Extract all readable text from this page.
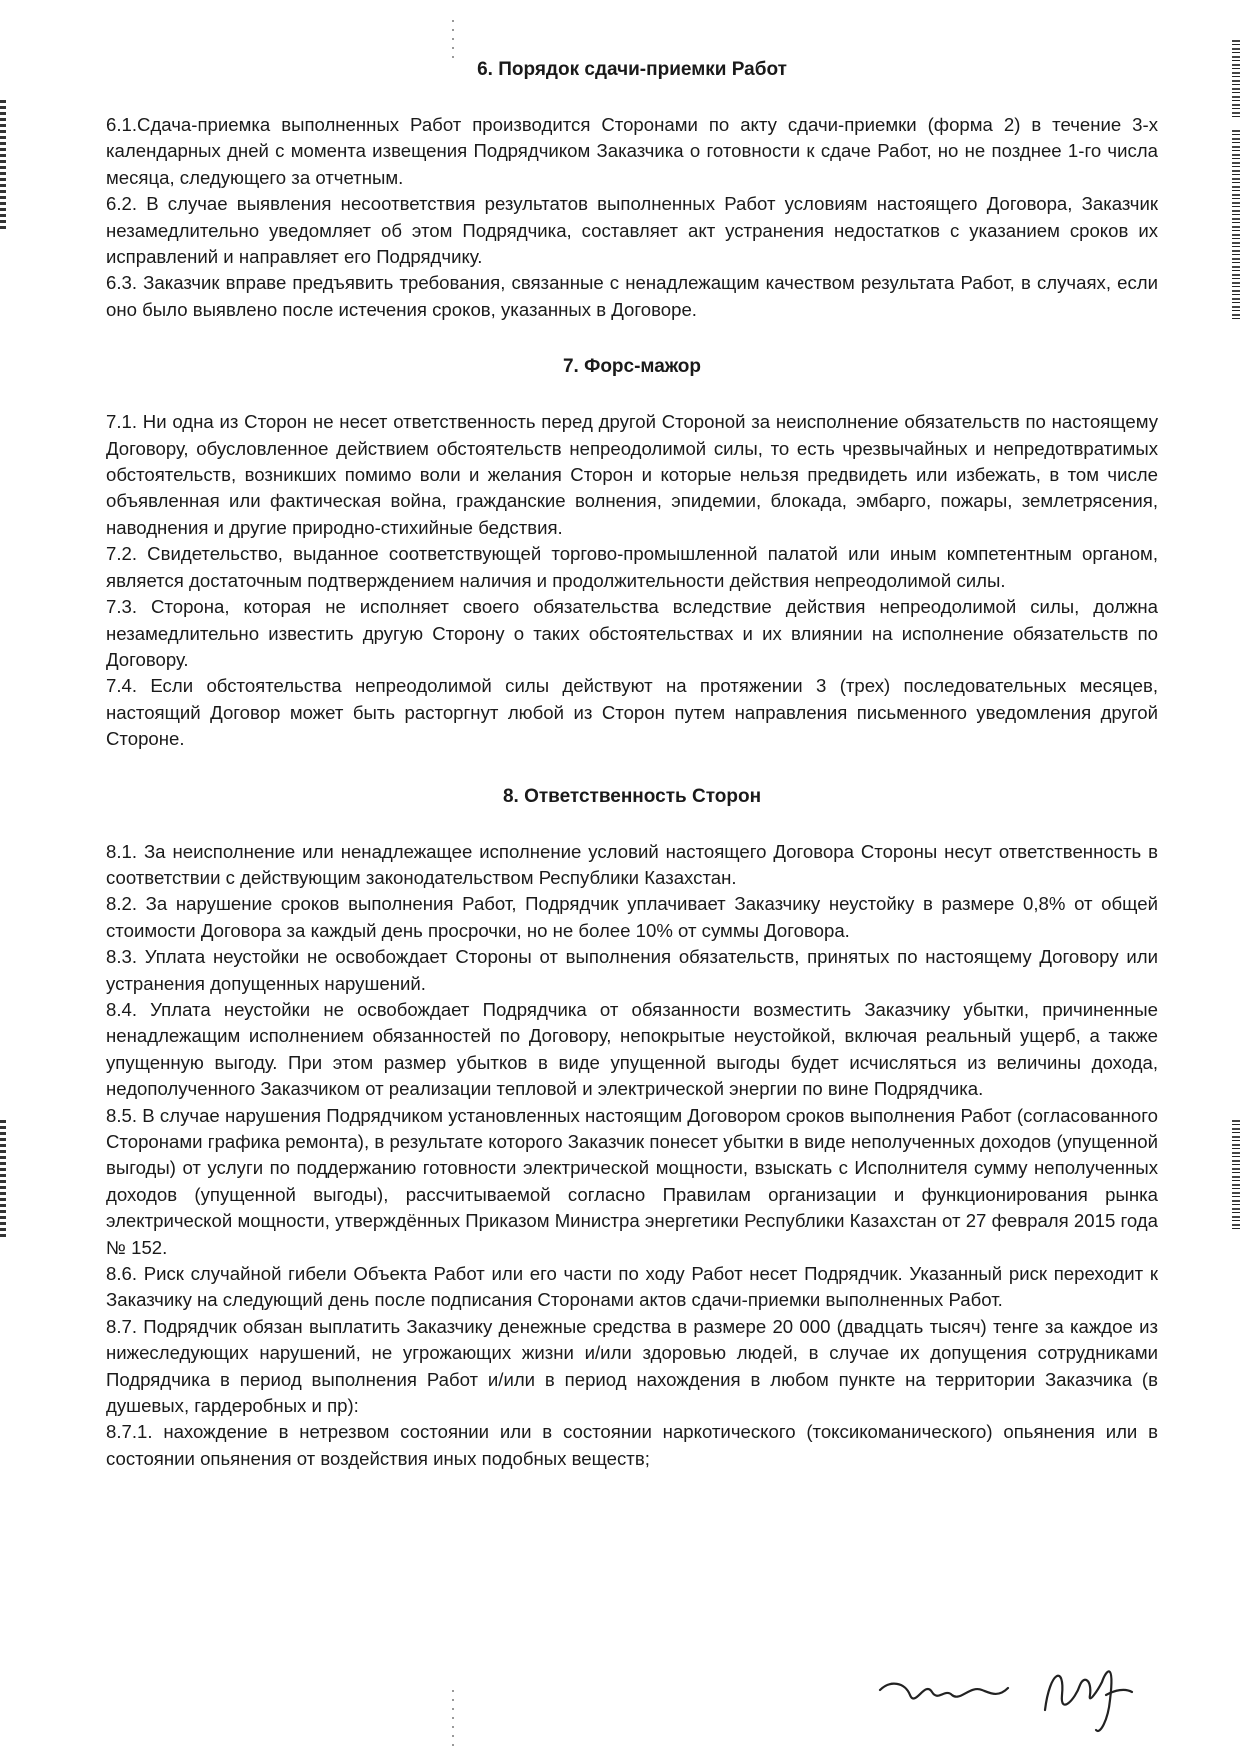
6. Порядок сдачи-приемки Работ

6.1.Сдача-приемка выполненных Работ производится Сторонами по акту сдачи-приемки (форма 2) в течение 3-х календарных дней с момента извещения Подрядчиком Заказчика о готовности к сдаче Работ, но не позднее 1-го числа месяца, следующего за отчетным.

6.2. В случае выявления несоответствия результатов выполненных Работ условиям настоящего Договора, Заказчик незамедлительно уведомляет об этом Подрядчика, составляет акт устранения недостатков с указанием сроков их исправлений и направляет его Подрядчику.

6.3. Заказчик вправе предъявить требования, связанные с ненадлежащим качеством результата Работ, в случаях, если оно было выявлено после истечения сроков, указанных в Договоре.

7. Форс-мажор

7.1. Ни одна из Сторон не несет ответственность перед другой Стороной за неисполнение обязательств по настоящему Договору, обусловленное действием обстоятельств непреодолимой силы, то есть чрезвычайных и непредотвратимых обстоятельств, возникших помимо воли и желания Сторон и которые нельзя предвидеть или избежать, в том числе объявленная или фактическая война, гражданские волнения, эпидемии, блокада, эмбарго, пожары, землетрясения, наводнения и другие природно-стихийные бедствия.

7.2. Свидетельство, выданное соответствующей торгово-промышленной палатой или иным компетентным органом, является достаточным подтверждением наличия и продолжительности действия непреодолимой силы.

7.3. Сторона, которая не исполняет своего обязательства вследствие действия непреодолимой силы, должна незамедлительно известить другую Сторону о таких обстоятельствах и их влиянии на исполнение обязательств по Договору.

7.4. Если обстоятельства непреодолимой силы действуют на протяжении 3 (трех) последовательных месяцев, настоящий Договор может быть расторгнут любой из Сторон путем направления письменного уведомления другой Стороне.

8. Ответственность Сторон

8.1. За неисполнение или ненадлежащее исполнение условий настоящего Договора Стороны несут ответственность в соответствии с действующим законодательством Республики Казахстан.

8.2. За нарушение сроков выполнения Работ, Подрядчик уплачивает Заказчику неустойку в размере 0,8% от общей стоимости Договора за каждый день просрочки, но не более 10% от суммы Договора.

8.3. Уплата неустойки не освобождает Стороны от выполнения обязательств, принятых по настоящему Договору или устранения допущенных нарушений.

8.4. Уплата неустойки не освобождает Подрядчика от обязанности возместить Заказчику убытки, причиненные ненадлежащим исполнением обязанностей по Договору, непокрытые неустойкой, включая реальный ущерб, а также упущенную выгоду. При этом размер убытков в виде упущенной выгоды будет исчисляться из величины дохода, недополученного Заказчиком от реализации тепловой и электрической энергии по вине Подрядчика.

8.5. В случае нарушения Подрядчиком установленных настоящим Договором сроков выполнения Работ (согласованного Сторонами графика ремонта), в результате которого Заказчик понесет убытки в виде неполученных доходов (упущенной выгоды) от услуги по поддержанию готовности электрической мощности, взыскать с Исполнителя сумму неполученных доходов (упущенной выгоды), рассчитываемой согласно Правилам организации и функционирования рынка электрической мощности, утверждённых Приказом Министра энергетики Республики Казахстан от 27 февраля 2015 года № 152.

8.6. Риск случайной гибели Объекта Работ или его части по ходу Работ несет Подрядчик. Указанный риск переходит к Заказчику на следующий день после подписания Сторонами актов сдачи-приемки выполненных Работ.

8.7. Подрядчик обязан выплатить Заказчику денежные средства в размере 20 000 (двадцать тысяч) тенге за каждое из нижеследующих нарушений, не угрожающих жизни и/или здоровью людей, в случае их допущения сотрудниками Подрядчика в период выполнения Работ и/или в период нахождения в любом пункте на территории Заказчика (в душевых, гардеробных и пр):

8.7.1. нахождение в нетрезвом состоянии или в состоянии наркотического (токсикоманического) опьянения или в состоянии опьянения от воздействия иных подобных веществ;
